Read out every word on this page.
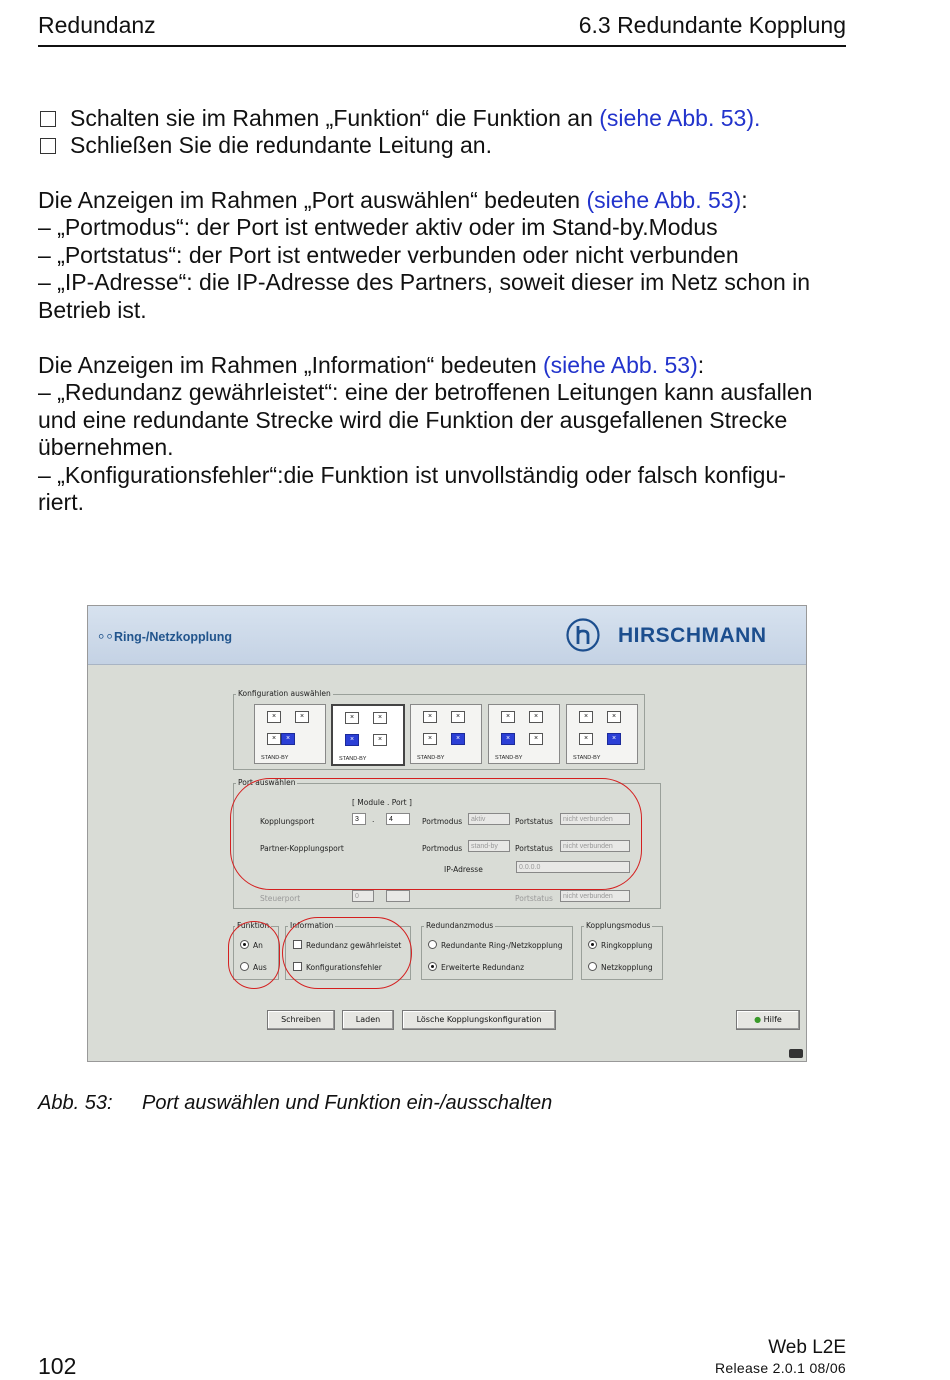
Redundanz	6.3 Redundante Kopplung
Schalten sie im Rahmen „Funktion“ die Funktion an (siehe Abb. 53).
Schließen Sie die redundante Leitung an.
Die Anzeigen im Rahmen „Port auswählen“ bedeuten (siehe Abb. 53):
– „Portmodus“: der Port ist entweder aktiv oder im Stand-by.Modus
– „Portstatus“: der Port ist entweder verbunden oder nicht verbunden
– „IP-Adresse“: die IP-Adresse des Partners, soweit dieser im Netz schon in
Betrieb ist.
Die Anzeigen im Rahmen „Information“ bedeuten (siehe Abb. 53):
– „Redundanz gewährleistet“: eine der betroffenen Leitungen kann ausfallen
und eine redundante Strecke wird die Funktion der ausgefallenen Strecke
übernehmen.
– „Konfigurationsfehler“:die Funktion ist unvollständig oder falsch konfigu-
riert.
⚪⚪ Ring-/Netzkopplung	HIRSCHMANN
Konfiguration auswählen
×	×
×	×
STAND-BY
×	×
×	×
STAND-BY
×	×
×	×
STAND-BY
×	×
×	×
STAND-BY
×	×
×	×
STAND-BY
Port auswählen
[ Module . Port ]
Kopplungsport	3	.	4	Portmodus	aktiv	Portstatus	nicht verbunden
Partner-Kopplungsport	Portmodus	stand-by	Portstatus	nicht verbunden
IP-Adresse	0.0.0.0
Steuerport	0	Portstatus	nicht verbunden
Funktion
An
Aus
Information
Redundanz gewährleistet
Konfigurationsfehler
Redundanzmodus
Redundante Ring-/Netzkopplung
Erweiterte Redundanz
Kopplungsmodus
Ringkopplung
Netzkopplung
Schreiben	Laden	Lösche Kopplungskonfiguration	● Hilfe
Abb. 53: Port auswählen und Funktion ein-/ausschalten
102
Web L2E
Release 2.0.1 08/06
